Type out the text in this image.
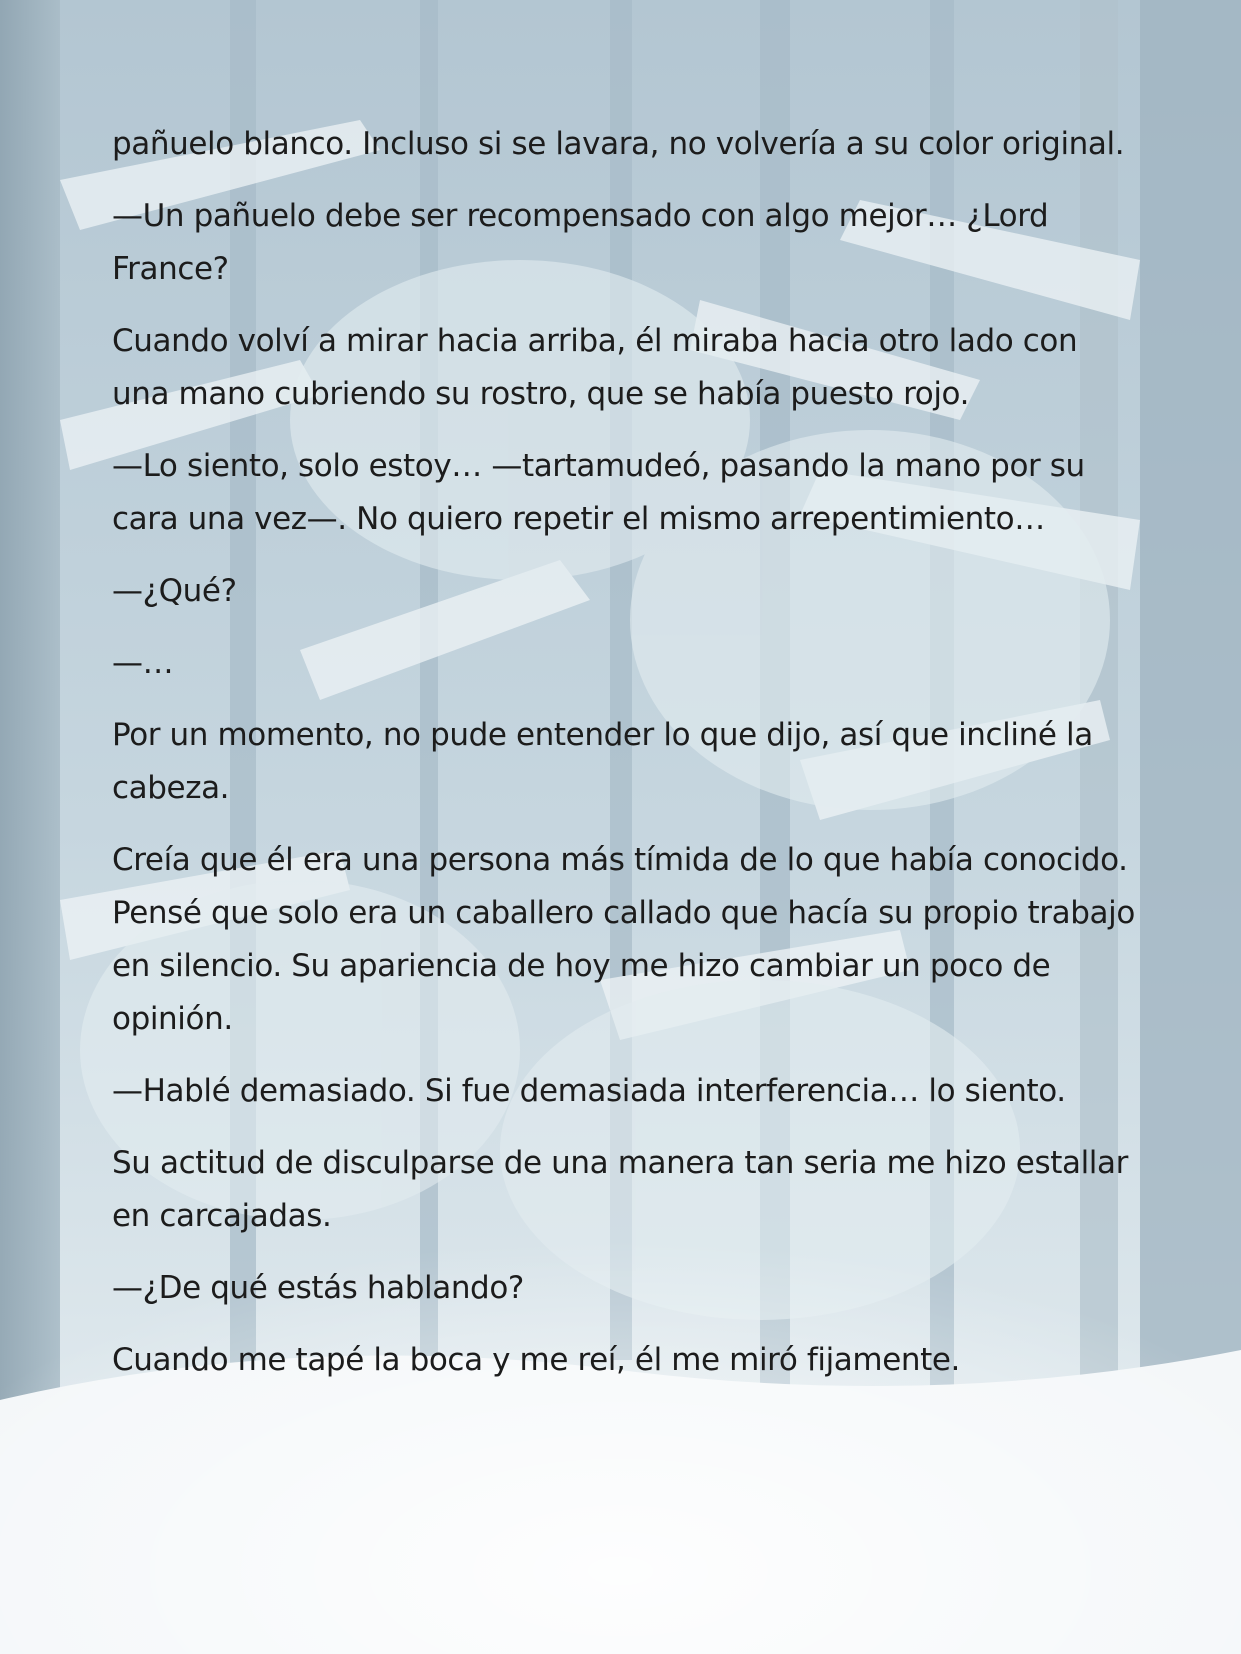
pañuelo blanco. Incluso si se lavara, no volvería a su color original.

—Un pañuelo debe ser recompensado con algo mejor… ¿Lord France?

Cuando volví a mirar hacia arriba, él miraba hacia otro lado con una mano cubriendo su rostro, que se había puesto rojo.

—Lo siento, solo estoy… —tartamudeó, pasando la mano por su cara una vez—. No quiero repetir el mismo arrepentimiento…

—¿Qué?

—…

Por un momento, no pude entender lo que dijo, así que incliné la cabeza.

Creía que él era una persona más tímida de lo que había conocido. Pensé que solo era un caballero callado que hacía su propio trabajo en silencio. Su apariencia de hoy me hizo cambiar un poco de opinión.

—Hablé demasiado. Si fue demasiada interferencia… lo siento.

Su actitud de disculparse de una manera tan seria me hizo estallar en carcajadas.

—¿De qué estás hablando?

Cuando me tapé la boca y me reí, él me miró fijamente.
